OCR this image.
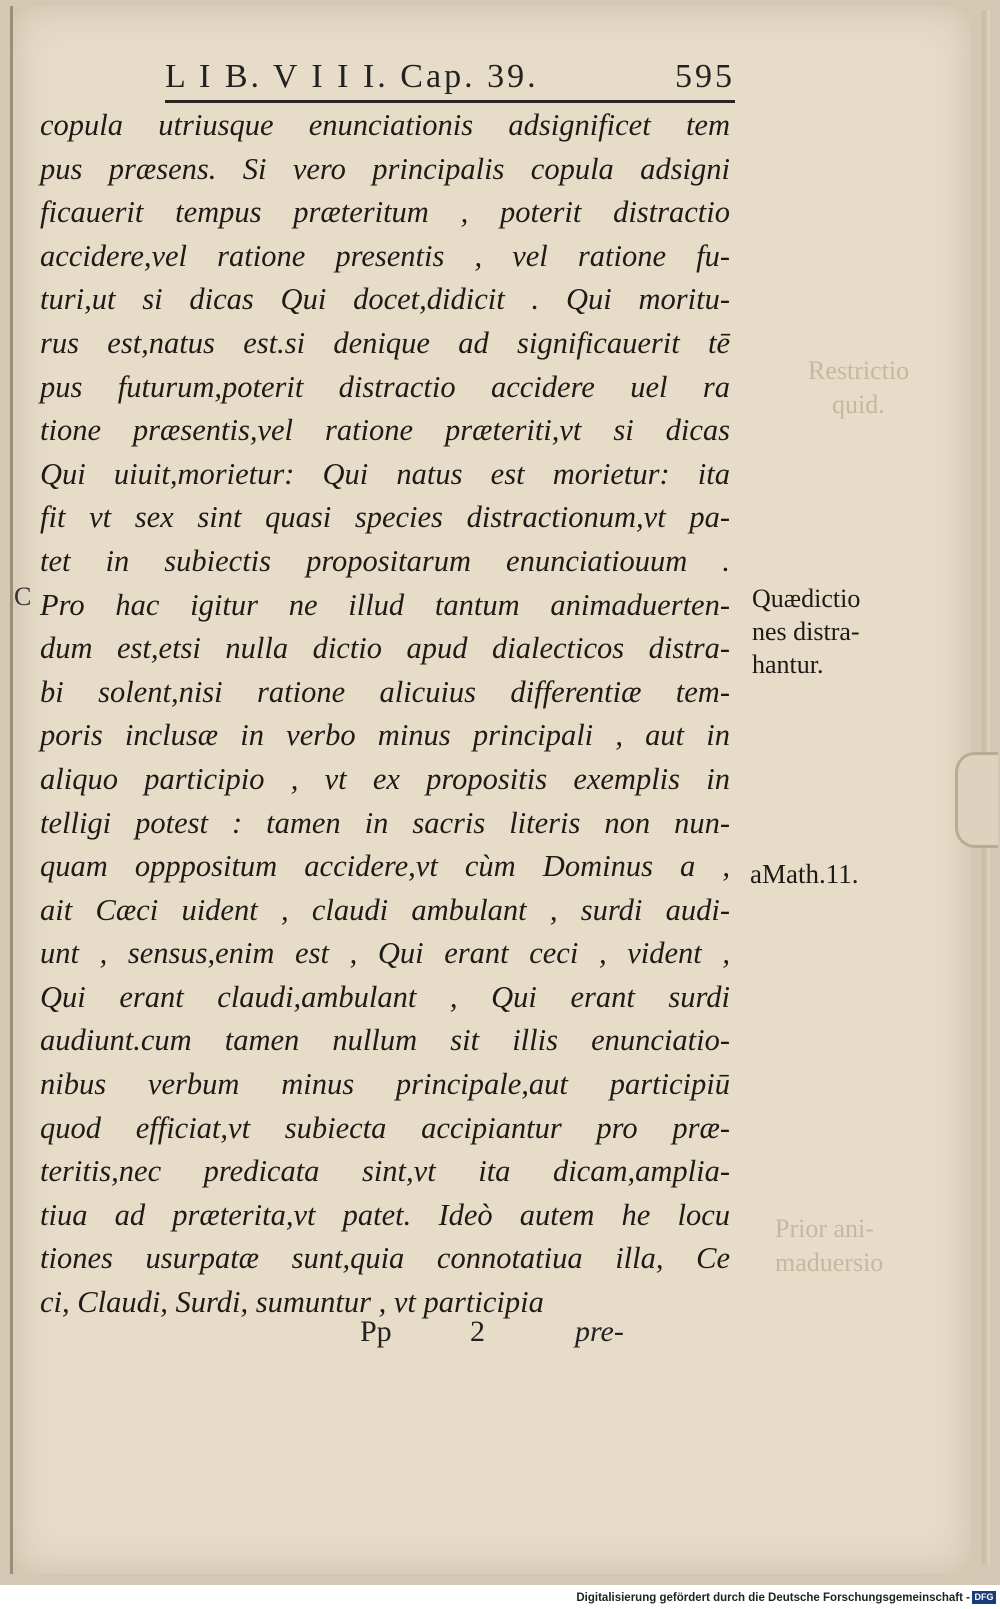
Restrictio
quid.
Prior ani-
maduersio
L I B. V I I I. Cap. 39.	595
copula utriusque enunciationis adsignificet tem
pus præsens. Si vero principalis copula adsigni
ficauerit tempus præteritum , poterit distractio
accidere,vel ratione presentis , vel ratione fu-
turi,ut si dicas Qui docet,didicit . Qui moritu-
rus est,natus est.si denique ad significauerit tē
pus futurum,poterit distractio accidere uel ra
tione præsentis,vel ratione præteriti,vt si dicas
Qui uiuit,morietur: Qui natus est morietur: ita
fit vt sex sint quasi species distractionum,vt pa-
tet in subiectis propositarum enunciatiouum .
Pro hac igitur ne illud tantum animaduerten-
dum est,etsi nulla dictio apud dialecticos distra-
bi solent,nisi ratione alicuius differentiæ tem-
poris inclusæ in verbo minus principali , aut in
aliquo participio , vt ex propositis exemplis in
telligi potest : tamen in sacris literis non nun-
quam opppositum accidere,vt cùm Dominus a ,
ait Cæci uident , claudi ambulant , surdi audi-
unt , sensus,enim est , Qui erant ceci , vident ,
Qui erant claudi,ambulant , Qui erant surdi
audiunt.cum tamen nullum sit illis enunciatio-
nibus verbum minus principale,aut participiū
quod efficiat,vt subiecta accipiantur pro præ-
teritis,nec predicata sint,vt ita dicam,amplia-
tiua ad præterita,vt patet. Ideò autem he locu
tiones usurpatæ sunt,quia connotatiua illa, Ce
ci, Claudi, Surdi, sumuntur , vt participia
C	Quædictio
nes distra-
hantur.
aMath.11.
Pp	2	pre-
Digitalisierung gefördert durch die Deutsche Forschungsgemeinschaft - DFG
